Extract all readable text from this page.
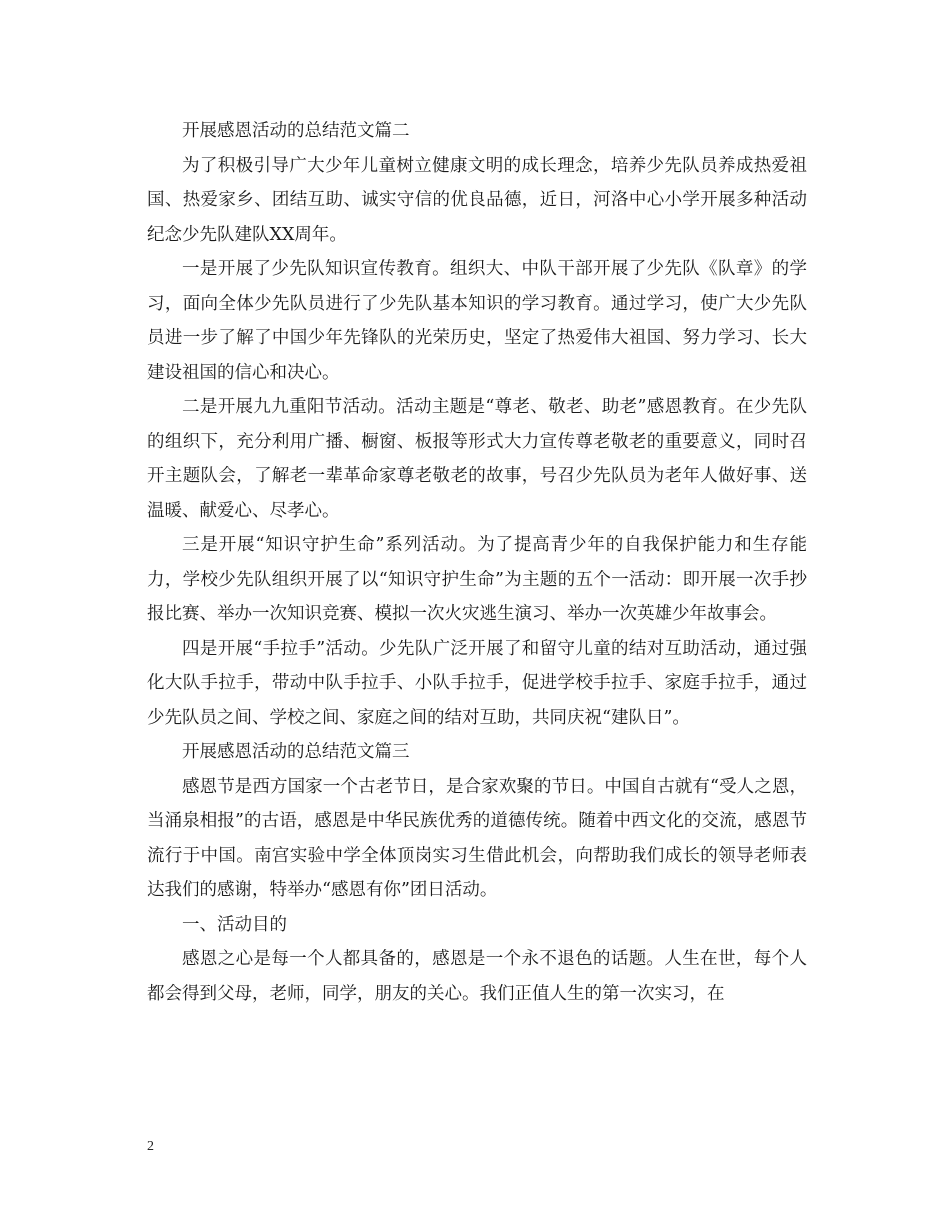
开展感恩活动的总结范文篇二

为了积极引导广大少年儿童树立健康文明的成长理念，培养少先队员养成热爱祖国、热爱家乡、团结互助、诚实守信的优良品德，近日，河洛中心小学开展多种活动纪念少先队建队XX周年。

一是开展了少先队知识宣传教育。组织大、中队干部开展了少先队《队章》的学习，面向全体少先队员进行了少先队基本知识的学习教育。通过学习，使广大少先队员进一步了解了中国少年先锋队的光荣历史，坚定了热爱伟大祖国、努力学习、长大建设祖国的信心和决心。

二是开展九九重阳节活动。活动主题是“尊老、敬老、助老”感恩教育。在少先队的组织下，充分利用广播、橱窗、板报等形式大力宣传尊老敬老的重要意义，同时召开主题队会，了解老一辈革命家尊老敬老的故事，号召少先队员为老年人做好事、送温暖、献爱心、尽孝心。

三是开展“知识守护生命”系列活动。为了提高青少年的自我保护能力和生存能力，学校少先队组织开展了以“知识守护生命”为主题的五个一活动：即开展一次手抄报比赛、举办一次知识竞赛、模拟一次火灾逃生演习、举办一次英雄少年故事会。

四是开展“手拉手”活动。少先队广泛开展了和留守儿童的结对互助活动，通过强化大队手拉手，带动中队手拉手、小队手拉手，促进学校手拉手、家庭手拉手，通过少先队员之间、学校之间、家庭之间的结对互助，共同庆祝“建队日”。

开展感恩活动的总结范文篇三

感恩节是西方国家一个古老节日，是合家欢聚的节日。中国自古就有“受人之恩，当涌泉相报”的古语，感恩是中华民族优秀的道德传统。随着中西文化的交流，感恩节流行于中国。南宫实验中学全体顶岗实习生借此机会，向帮助我们成长的领导老师表达我们的感谢，特举办“感恩有你”团日活动。

一、活动目的

感恩之心是每一个人都具备的，感恩是一个永不退色的话题。人生在世，每个人都会得到父母，老师，同学，朋友的关心。我们正值人生的第一次实习，在

2
